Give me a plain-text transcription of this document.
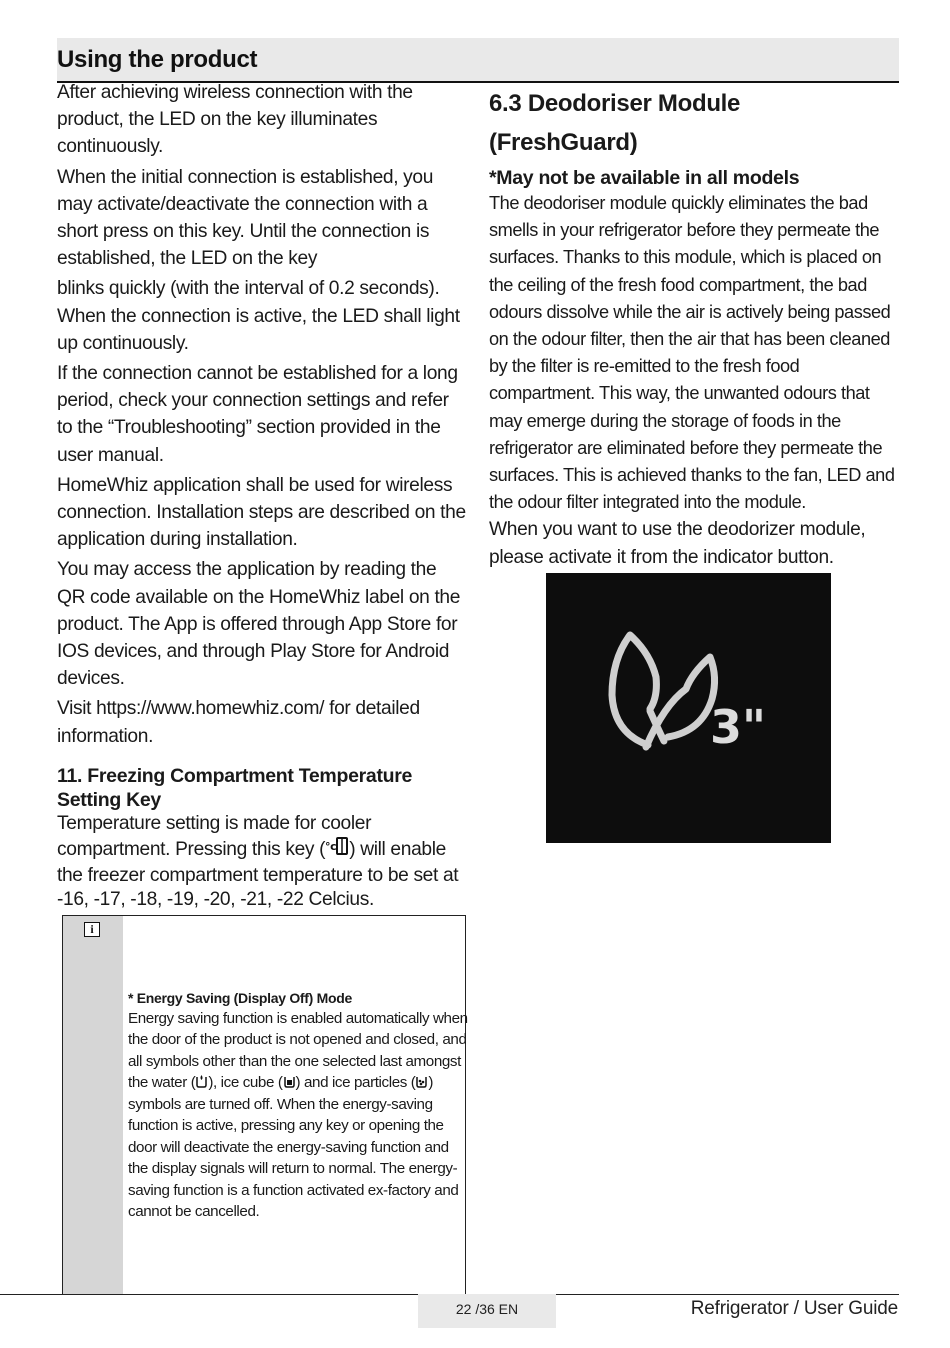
Using the product

After achieving wireless connection with the product, the LED on the key illuminates continuously.

When the initial connection is established, you may activate/deactivate the connection with a short press on this key. Until the connection is established, the LED on the key

blinks quickly (with the interval of 0.2 seconds). When the connection is active, the LED shall light up continuously.

If the connection cannot be established for a long period, check your connection settings and refer to the “Troubleshooting” section provided in the user manual.

HomeWhiz application shall be used for wireless connection. Installation steps are described on the application during installation.

You may access the application by reading the QR code available on the HomeWhiz label on the product. The App is offered through App Store for IOS devices, and through Play Store for Android devices.

Visit https://www.homewhiz.com/ for detailed information.

11. Freezing Compartment Temperature Setting Key

Temperature setting is made for cooler compartment. Pressing this key ( °c ) will enable the freezer compartment temperature to be set at -16, -17, -18, -19, -20, -21, -22 Celcius.

i
* Energy Saving (Display Off) Mode
Energy saving function is enabled automatically when the door of the product is not opened and closed, and all symbols other than the one selected last amongst the water ( ), ice cube ( ) and ice particles ( ) symbols are turned off. When the energy-saving function is active, pressing any key or opening the door will deactivate the energy-saving function and the display signals will return to normal. The energy-saving function is a function activated ex-factory and cannot be cancelled.
6.3 Deodoriser Module
(FreshGuard)
*May not be available in all models

The deodoriser module quickly eliminates the bad smells in your refrigerator before they permeate the surfaces. Thanks to this module, which is placed on the ceiling of the fresh food compartment, the bad odours dissolve while the air is actively being passed on the odour filter, then the air that has been cleaned by the filter is re-emitted to the fresh food compartment. This way, the unwanted odours that may emerge during the storage of foods in the refrigerator are eliminated before they permeate the surfaces. This is achieved thanks to the fan, LED and the odour filter integrated into the module.

When you want to use the deodorizer module, please activate it from the indicator button.

3"
22 /36 EN	Refrigerator / User Guide
